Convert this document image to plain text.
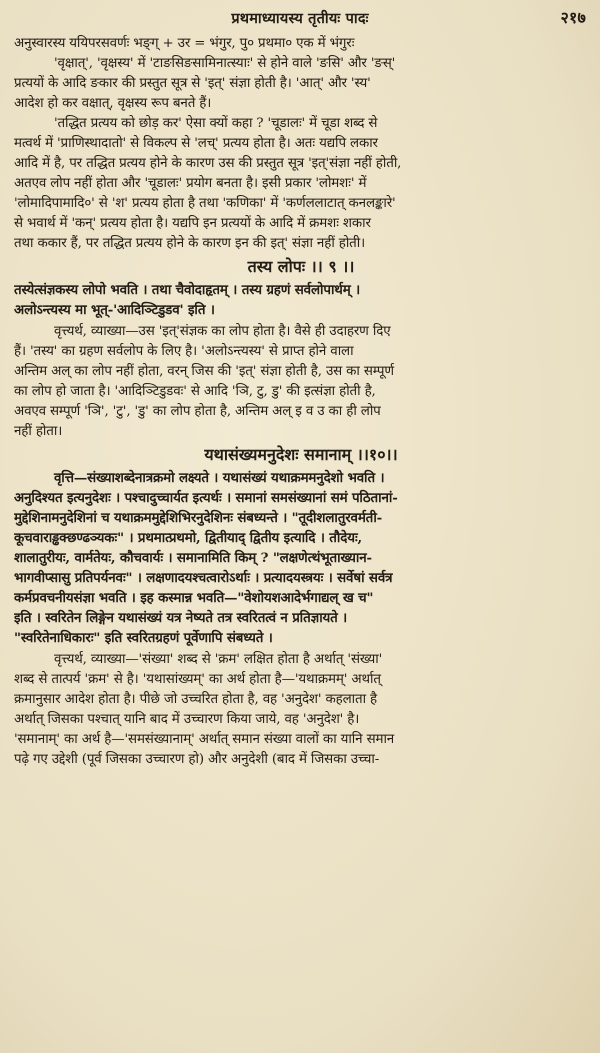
प्रथमाध्यायस्य तृतीयः पादः	२१७
अनुस्वारस्य ययिपरसवर्णः भङ्ग् + उर = भंगुर, पु० प्रथमा० एक में भंगुरः
'वृक्षात्', 'वृक्षस्य' में 'टाङसिङसामिनात्स्याः' से होने वाले 'ङसि' और 'ङस्'
प्रत्ययों के आदि ङकार की प्रस्तुत सूत्र से 'इत्' संज्ञा होती है। 'आत्' और 'स्य'
आदेश हो कर वक्षात्, वृक्षस्य रूप बनते हैं।
'तद्धित प्रत्यय को छोड़ कर' ऐसा क्यों कहा ? 'चूडालः' में चूडा शब्द से
मत्वर्थ में 'प्राणिस्थादातो' से विकल्प से 'लच्' प्रत्यय होता है। अतः यद्यपि लकार
आदि में है, पर तद्धित प्रत्यय होने के कारण उस की प्रस्तुत सूत्र 'इत्'संज्ञा नहीं होती,
अतएव लोप नहीं होता और 'चूडालः' प्रयोग बनता है। इसी प्रकार 'लोमशः' में
'लोमादिपामादि०' से 'श' प्रत्यय होता है तथा 'कणिका' में 'कर्णललाटात् कनलङ्कारे'
से भवार्थ में 'कन्' प्रत्यय होता है। यद्यपि इन प्रत्ययों के आदि में क्रमशः शकार
तथा ककार हैं, पर तद्धित प्रत्यय होने के कारण इन की इत्' संज्ञा नहीं होती।
तस्य लोपः ।। ९ ।।
तस्येत्संज्ञकस्य लोपो भवति । तथा चैवोदाहृतम् । तस्य ग्रहणं सर्वलोपार्थम् ।
अलोऽन्त्यस्य मा भूत्-'आदिञ्टिडुडव' इति ।
वृत्त्यर्थ, व्याख्या—उस 'इत्'संज्ञक का लोप होता है। वैसे ही उदाहरण दिए
हैं। 'तस्य' का ग्रहण सर्वलोप के लिए है। 'अलोऽन्त्यस्य' से प्राप्त होने वाला
अन्तिम अल् का लोप नहीं होता, वरन् जिस की 'इत्' संज्ञा होती है, उस का सम्पूर्ण
का लोप हो जाता है। 'आदिञ्टिडुडवः' से आदि 'ञि, टु, डु' की इत्संज्ञा होती है,
अवएव सम्पूर्ण 'ञि', 'टु', 'डु' का लोप होता है, अन्तिम अल् इ व उ का ही लोप
नहीं होता।
यथासंख्यमनुदेशः समानाम् ।।१०।।
वृत्ति—संख्याशब्देनात्रक्रमो लक्ष्यते । यथासंख्यं यथाक्रममनुदेशो भवति ।
अनुदिश्यत इत्यनुदेशः । पश्चादुच्चार्यत इत्यर्थः । समानां समसंख्यानां समं पठितानां-
मुद्देशिनामनुदेशिनां च यथाक्रममुद्देशिभिरनुदेशिनः संबध्यन्ते । "तूदीशलातुरवर्मती-
कूचवाराड्ढक्छण्ढञ्यकः" । प्रथमात्प्रथमो, द्वितीयाद् द्वितीय इत्यादि । तौदेयः,
शालातुरीयः, वार्मतेयः, कौचवार्यः । समानामिति किम् ? "लक्षणेत्थंभूताख्यान-
भागवीप्सासु प्रतिपर्यनवः" । लक्षणादयश्चत्वारोऽर्थाः । प्रत्यादयस्त्रयः । सर्वेषां सर्वत्र
कर्मप्रवचनीयसंज्ञा भवति । इह कस्मान्न भवति—"वेशोयशआदेर्भगाद्यल् ख च"
इति । स्वरितेन लिङ्गेन यथासंख्यं यत्र नेष्यते तत्र स्वरितत्वं न प्रतिज्ञायते ।
"स्वरितेनाधिकारः" इति स्वरितग्रहणं पूर्वेणापि संबध्यते ।
वृत्त्यर्थ, व्याख्या—'संख्या' शब्द से 'क्रम' लक्षित होता है अर्थात् 'संख्या'
शब्द से तात्पर्य 'क्रम' से है। 'यथासांख्यम्' का अर्थ होता है—'यथाक्रमम्' अर्थात्
क्रमानुसार आदेश होता है। पीछे जो उच्चरित होता है, वह 'अनुदेश' कहलाता है
अर्थात् जिसका पश्चात् यानि बाद में उच्चारण किया जाये, वह 'अनुदेश' है।
'समानाम्' का अर्थ है—'समसंख्यानाम्' अर्थात् समान संख्या वालों का यानि समान
पढ़े गए उद्देशी (पूर्व जिसका उच्चारण हो) और अनुदेशी (बाद में जिसका उच्चा-
